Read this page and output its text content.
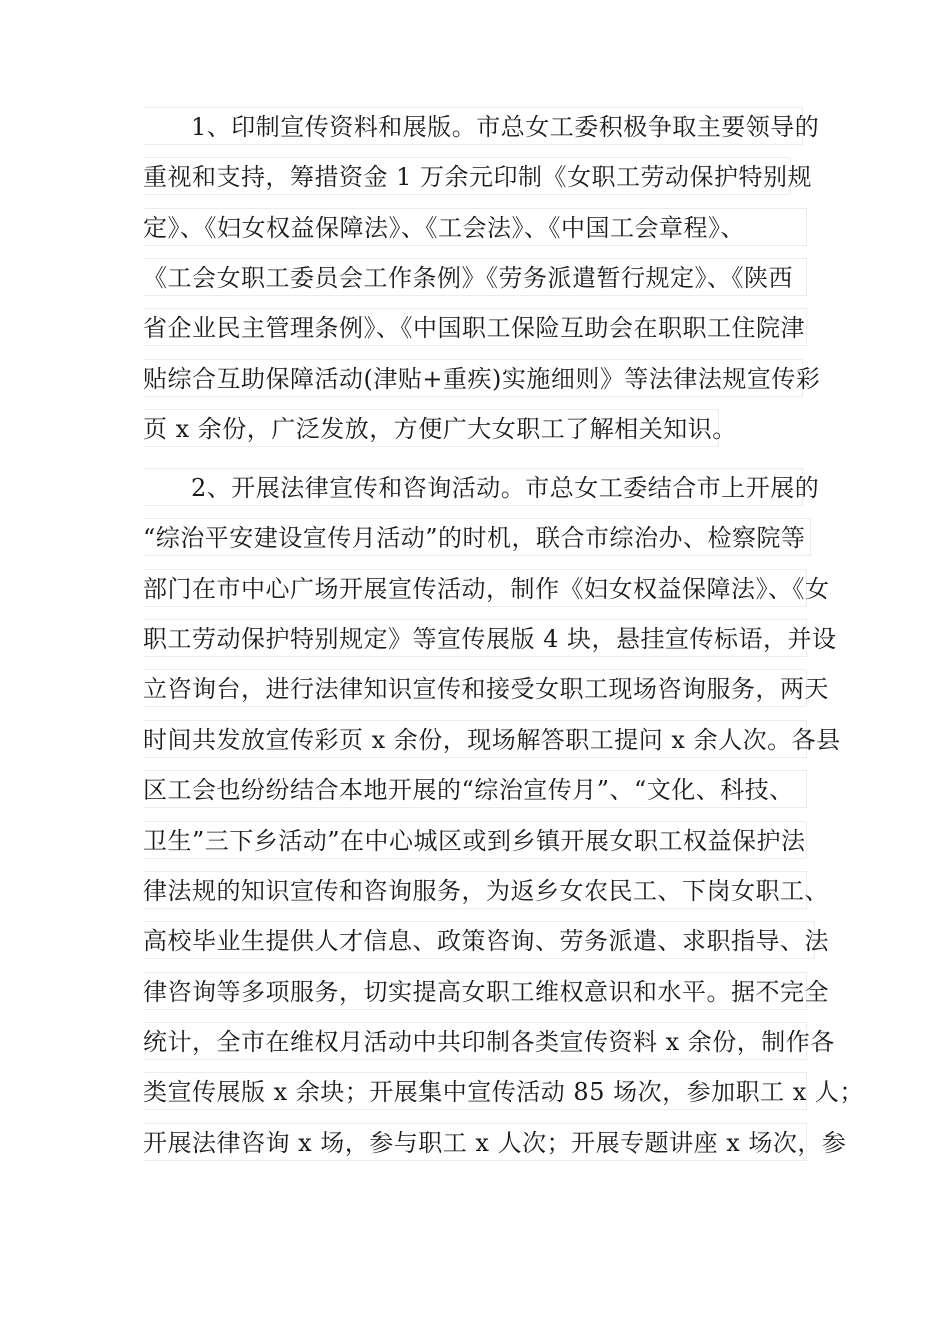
1、印制宣传资料和展版。市总女工委积极争取主要领导的
重视和支持，筹措资金 1 万余元印制《女职工劳动保护特别规
定》、《妇女权益保障法》、《工会法》、《中国工会章程》、
《工会女职工委员会工作条例》《劳务派遣暂行规定》、《陕西
省企业民主管理条例》、《中国职工保险互助会在职职工住院津
贴综合互助保障活动(津贴+重疾)实施细则》等法律法规宣传彩
页 x 余份，广泛发放，方便广大女职工了解相关知识。
2、开展法律宣传和咨询活动。市总女工委结合市上开展的
“综治平安建设宣传月活动”的时机，联合市综治办、检察院等
部门在市中心广场开展宣传活动，制作《妇女权益保障法》、《女
职工劳动保护特别规定》等宣传展版 4 块，悬挂宣传标语，并设
立咨询台，进行法律知识宣传和接受女职工现场咨询服务，两天
时间共发放宣传彩页 x 余份，现场解答职工提问 x 余人次。各县
区工会也纷纷结合本地开展的“综治宣传月”、“文化、科技、
卫生”三下乡活动”在中心城区或到乡镇开展女职工权益保护法
律法规的知识宣传和咨询服务，为返乡女农民工、下岗女职工、
高校毕业生提供人才信息、政策咨询、劳务派遣、求职指导、法
律咨询等多项服务，切实提高女职工维权意识和水平。据不完全
统计，全市在维权月活动中共印制各类宣传资料 x 余份，制作各
类宣传展版 x 余块；开展集中宣传活动 85 场次，参加职工 x 人；
开展法律咨询 x 场，参与职工 x 人次；开展专题讲座 x 场次，参
